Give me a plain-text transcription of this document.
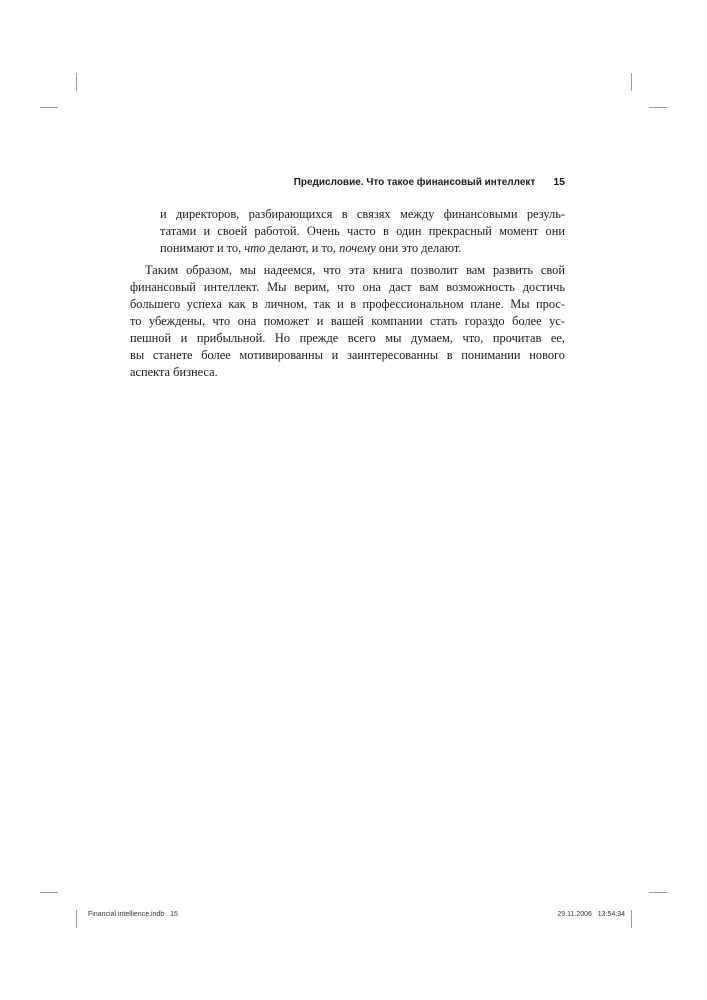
Предисловие. Что такое финансовый интеллект 15
и директоров, разбирающихся в связях между финансовыми резуль-
татами и своей работой. Очень часто в один прекрасный момент они
понимают и то, что делают, и то, почему они это делают.
Таким образом, мы надеемся, что эта книга позволит вам развить свой
финансовый интеллект. Мы верим, что она даст вам возможность достичь
большего успеха как в личном, так и в профессиональном плане. Мы прос-
то убеждены, что она поможет и вашей компании стать гораздо более ус-
пешной и прибыльной. Но прежде всего мы думаем, что, прочитав ее,
вы станете более мотивированны и заинтересованны в понимании нового
аспекта бизнеса.
Financial intellience.indb   15	29.11.2006   13:54:34
